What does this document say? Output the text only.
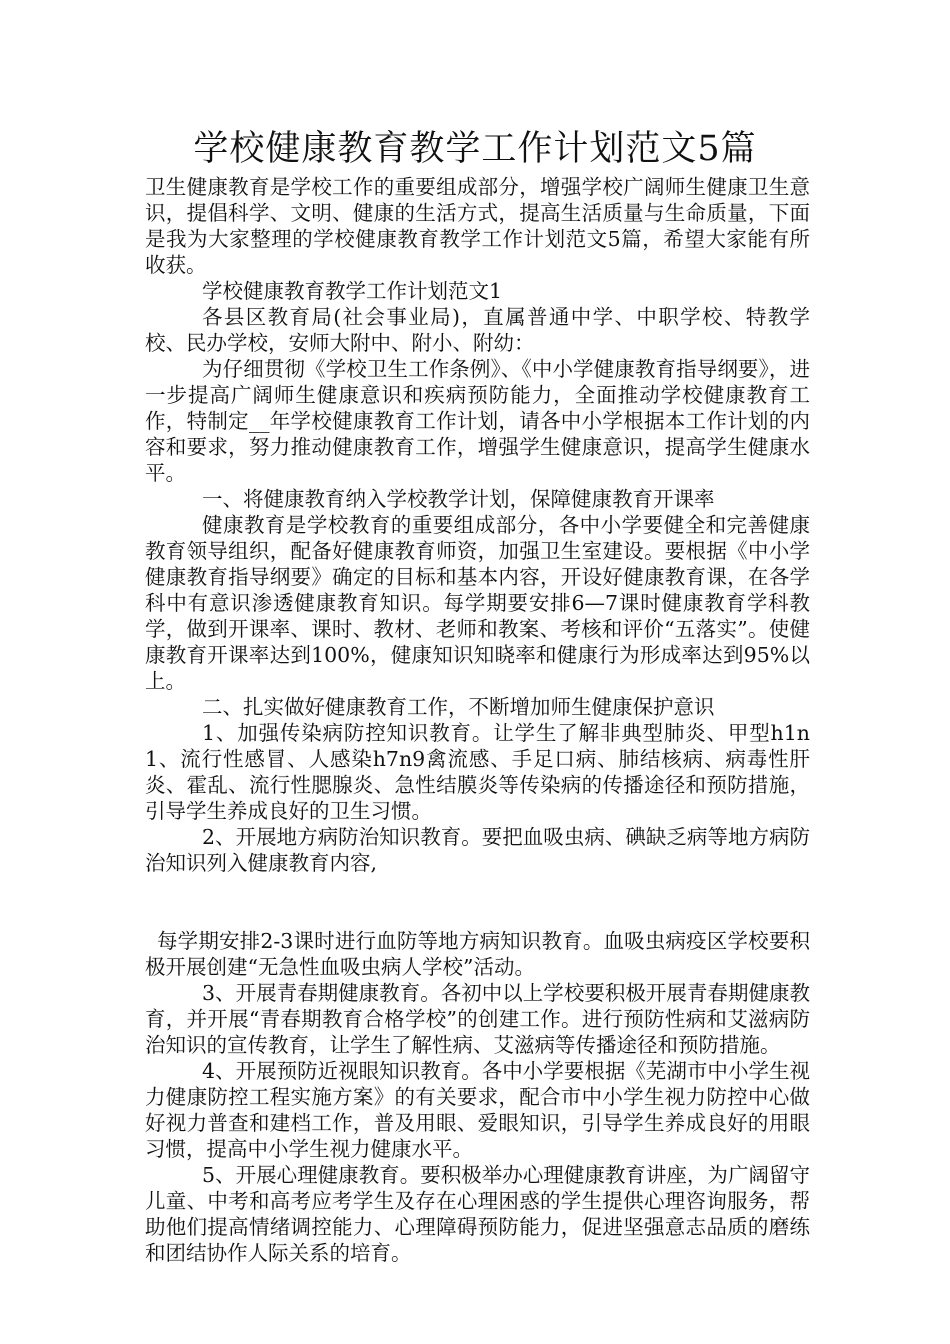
学校健康教育教学工作计划范文5篇

卫生健康教育是学校工作的重要组成部分，增强学校广阔师生健康卫生意识，提倡科学、文明、健康的生活方式，提高生活质量与生命质量，下面是我为大家整理的学校健康教育教学工作计划范文5篇，希望大家能有所收获。

学校健康教育教学工作计划范文1

各县区教育局(社会事业局)，直属普通中学、中职学校、特教学校、民办学校，安师大附中、附小、附幼：

为仔细贯彻《学校卫生工作条例》、《中小学健康教育指导纲要》，进一步提高广阔师生健康意识和疾病预防能力，全面推动学校健康教育工作，特制定__年学校健康教育工作计划，请各中小学根据本工作计划的内容和要求，努力推动健康教育工作，增强学生健康意识，提高学生健康水平。

一、将健康教育纳入学校教学计划，保障健康教育开课率

健康教育是学校教育的重要组成部分，各中小学要健全和完善健康教育领导组织，配备好健康教育师资，加强卫生室建设。要根据《中小学健康教育指导纲要》确定的目标和基本内容，开设好健康教育课，在各学科中有意识渗透健康教育知识。每学期要安排6—7课时健康教育学科教学，做到开课率、课时、教材、老师和教案、考核和评价“五落实”。使健康教育开课率达到100%，健康知识知晓率和健康行为形成率达到95%以上。

二、扎实做好健康教育工作，不断增加师生健康保护意识

1、加强传染病防控知识教育。让学生了解非典型肺炎、甲型h1n1、流行性感冒、人感染h7n9禽流感、手足口病、肺结核病、病毒性肝炎、霍乱、流行性腮腺炎、急性结膜炎等传染病的传播途径和预防措施，引导学生养成良好的卫生习惯。

2、开展地方病防治知识教育。要把血吸虫病、碘缺乏病等地方病防治知识列入健康教育内容,

每学期安排2-3课时进行血防等地方病知识教育。血吸虫病疫区学校要积极开展创建“无急性血吸虫病人学校”活动。

3、开展青春期健康教育。各初中以上学校要积极开展青春期健康教育，并开展“青春期教育合格学校”的创建工作。进行预防性病和艾滋病防治知识的宣传教育，让学生了解性病、艾滋病等传播途径和预防措施。

4、开展预防近视眼知识教育。各中小学要根据《芜湖市中小学生视力健康防控工程实施方案》的有关要求，配合市中小学生视力防控中心做好视力普查和建档工作，普及用眼、爱眼知识，引导学生养成良好的用眼习惯，提高中小学生视力健康水平。

5、开展心理健康教育。要积极举办心理健康教育讲座，为广阔留守儿童、中考和高考应考学生及存在心理困惑的学生提供心理咨询服务，帮助他们提高情绪调控能力、心理障碍预防能力，促进坚强意志品质的磨练和团结协作人际关系的培育。
